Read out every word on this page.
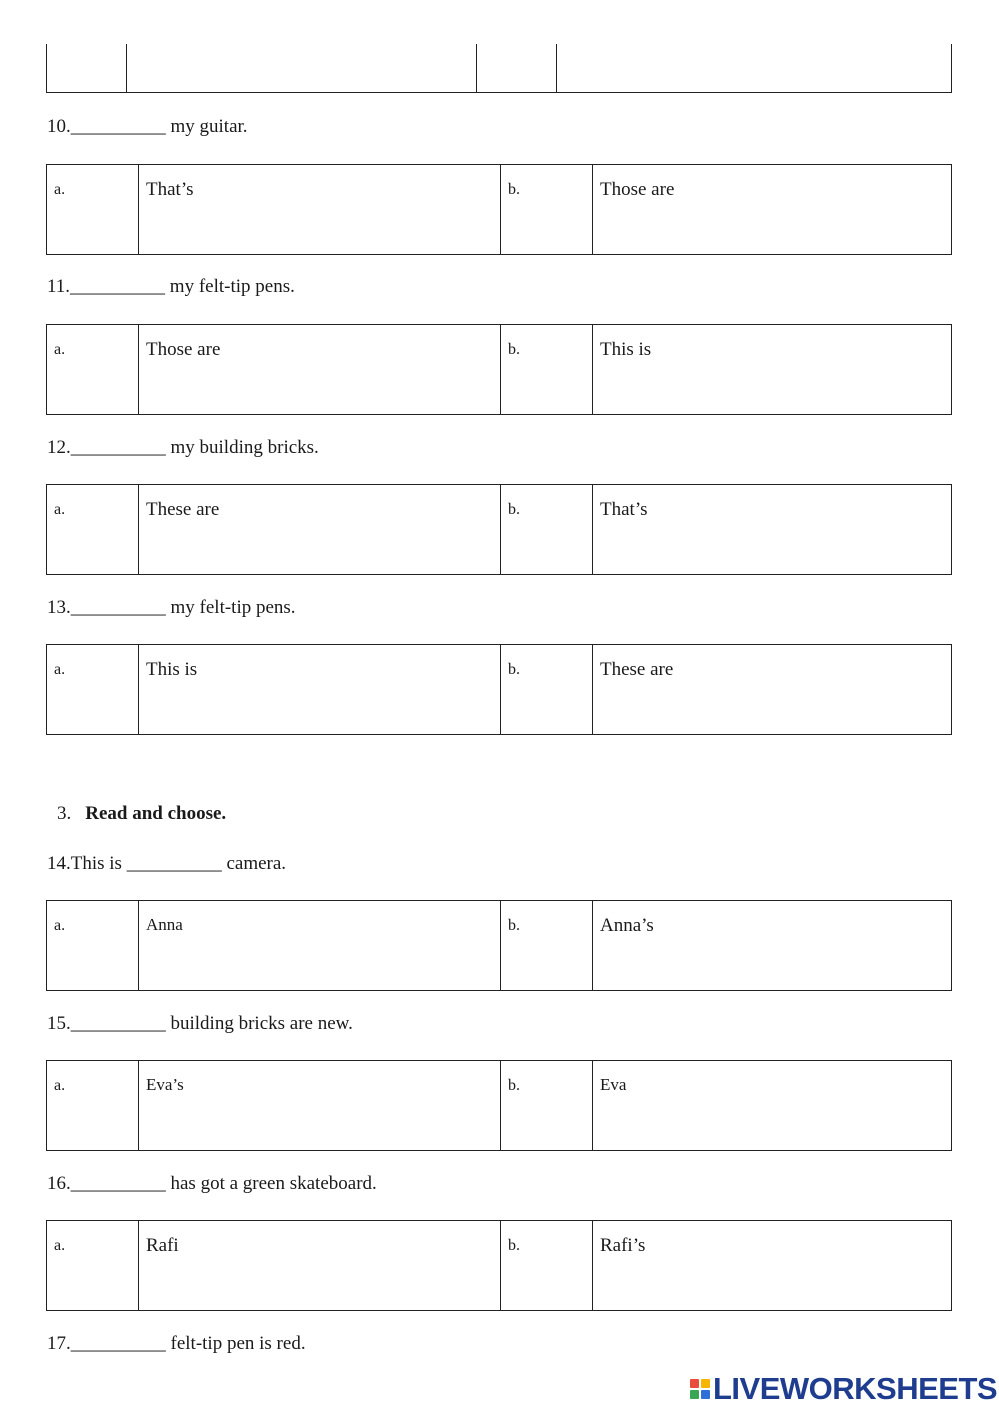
10.__________ my guitar.
a.	That’s	b.	Those are
11.__________ my felt-tip pens.
a.	Those are	b.	This is
12.__________ my building bricks.
a.	These are	b.	That’s
13.__________ my felt-tip pens.
a.	This is	b.	These are
3. Read and choose.
14.This is __________ camera.
a.	Anna	b.	Anna’s
15.__________ building bricks are new.
a.	Eva’s	b.	Eva
16.__________ has got a green skateboard.
a.	Rafi	b.	Rafi’s
17.__________ felt-tip pen is red.
LIVEWORKSHEETS
